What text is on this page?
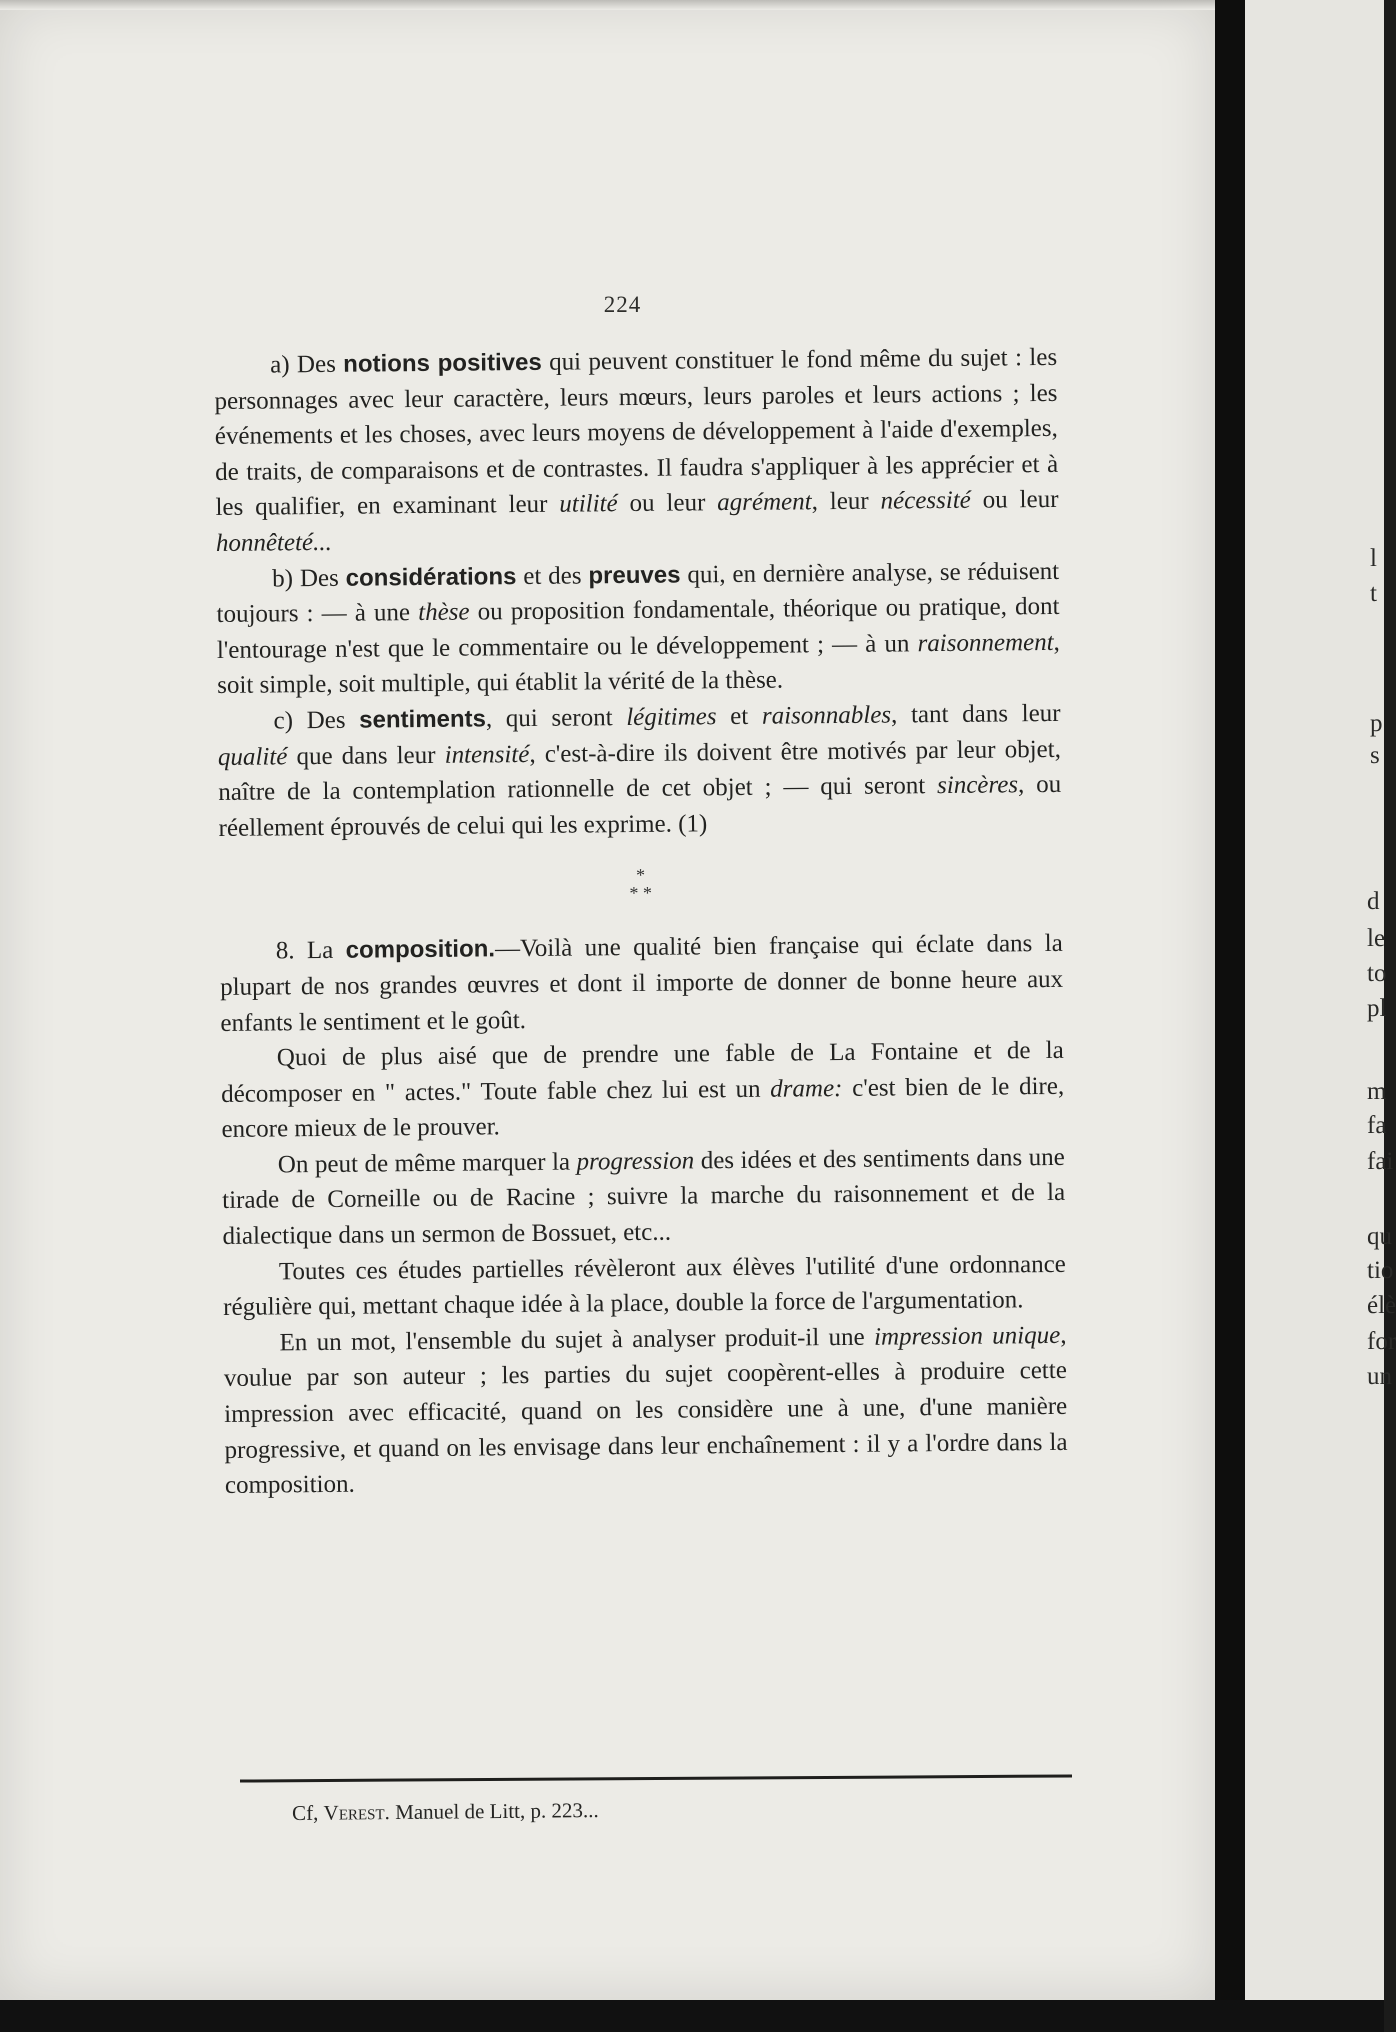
224

a) Des notions positives qui peuvent constituer le fond même du sujet : les personnages avec leur caractère, leurs mœurs, leurs paroles et leurs actions ; les événements et les choses, avec leurs moyens de développement à l'aide d'exemples, de traits, de comparaisons et de contrastes. Il faudra s'appliquer à les apprécier et à les qualifier, en examinant leur utilité ou leur agrément, leur nécessité ou leur honnêteté...

b) Des considérations et des preuves qui, en dernière analyse, se réduisent toujours : — à une thèse ou proposition fondamentale, théorique ou pratique, dont l'entourage n'est que le commentaire ou le développement ; — à un raisonnement, soit simple, soit multiple, qui établit la vérité de la thèse.

c) Des sentiments, qui seront légitimes et raisonnables, tant dans leur qualité que dans leur intensité, c'est-à-dire ils doivent être motivés par leur objet, naître de la contemplation rationnelle de cet objet ; — qui seront sincères, ou réellement éprouvés de celui qui les exprime. (1)

*
* *

8. La composition.—Voilà une qualité bien française qui éclate dans la plupart de nos grandes œuvres et dont il importe de donner de bonne heure aux enfants le sentiment et le goût.

Quoi de plus aisé que de prendre une fable de La Fontaine et de la décomposer en " actes." Toute fable chez lui est un drame: c'est bien de le dire, encore mieux de le prouver.

On peut de même marquer la progression des idées et des sentiments dans une tirade de Corneille ou de Racine ; suivre la marche du raisonnement et de la dialectique dans un sermon de Bossuet, etc...

Toutes ces études partielles révèleront aux élèves l'utilité d'une ordonnance régulière qui, mettant chaque idée à la place, double la force de l'argumentation.

En un mot, l'ensemble du sujet à analyser produit-il une impression unique, voulue par son auteur ; les parties du sujet coopèrent-elles à produire cette impression avec efficacité, quand on les considère une à une, d'une manière progressive, et quand on les envisage dans leur enchaînement : il y a l'ordre dans la composition.

Cf, Verest. Manuel de Litt, p. 223...
l
t
p
s
d
le
to
pl
m
fa
fai
qu
tio
élè
for
un
